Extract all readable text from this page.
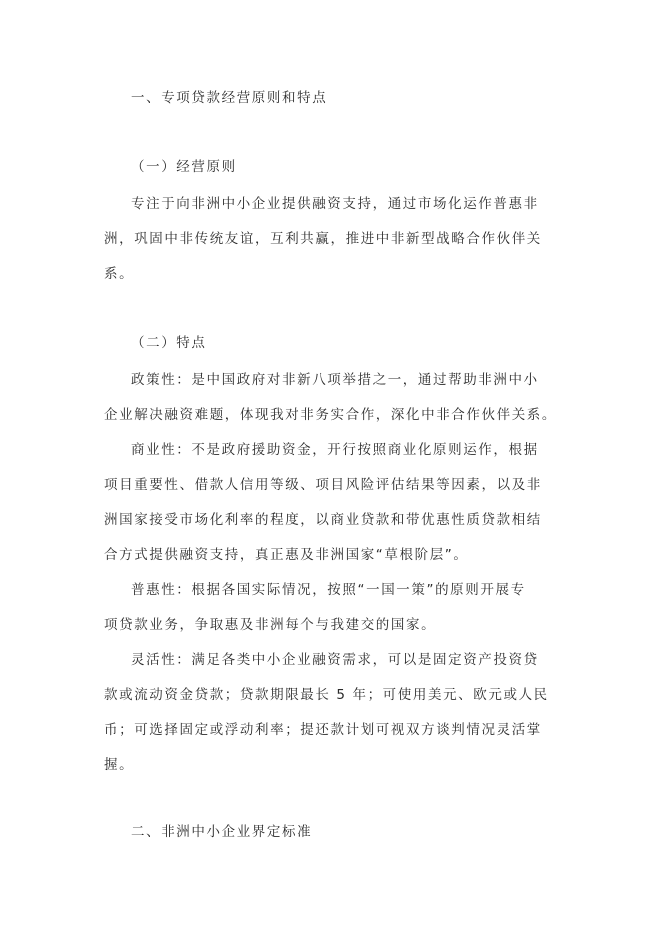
一、专项贷款经营原则和特点
（一）经营原则
专注于向非洲中小企业提供融资支持，通过市场化运作普惠非
洲，巩固中非传统友谊，互利共赢，推进中非新型战略合作伙伴关
系。
（二）特点
政策性：是中国政府对非新八项举措之一，通过帮助非洲中小
企业解决融资难题，体现我对非务实合作，深化中非合作伙伴关系。
商业性：不是政府援助资金，开行按照商业化原则运作，根据
项目重要性、借款人信用等级、项目风险评估结果等因素，以及非
洲国家接受市场化利率的程度，以商业贷款和带优惠性质贷款相结
合方式提供融资支持，真正惠及非洲国家“草根阶层”。
普惠性：根据各国实际情况，按照“一国一策”的原则开展专
项贷款业务，争取惠及非洲每个与我建交的国家。
灵活性：满足各类中小企业融资需求，可以是固定资产投资贷
款或流动资金贷款；贷款期限最长 5 年；可使用美元、欧元或人民
币；可选择固定或浮动利率；提还款计划可视双方谈判情况灵活掌
握。
二、非洲中小企业界定标准
